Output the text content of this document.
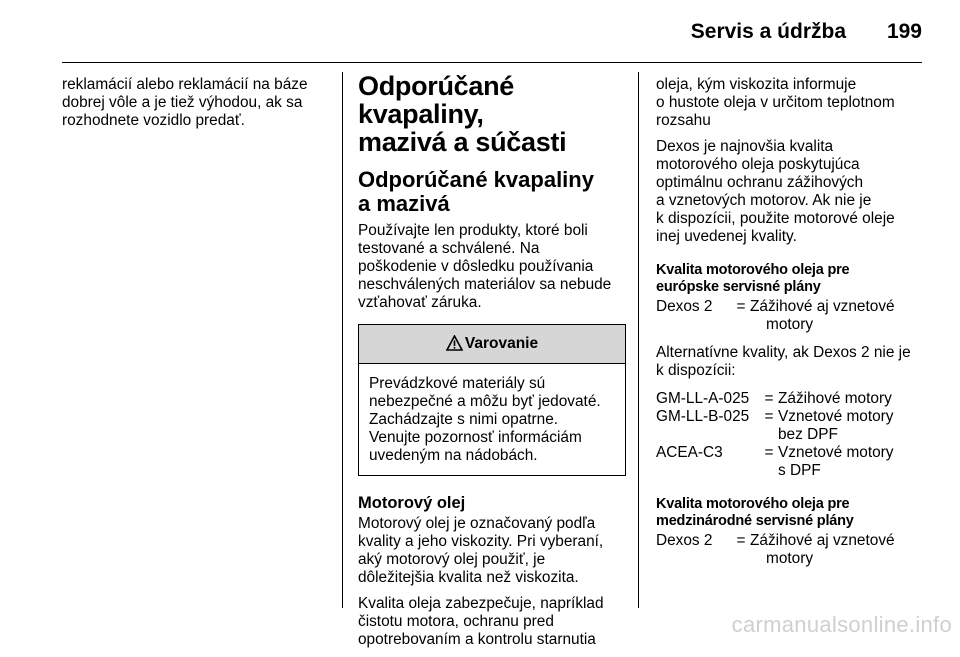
Servis a údržba 199

reklamácií alebo reklamácií na báze
dobrej vôle a je tiež výhodou, ak sa
rozhodnete vozidlo predať.

Odporúčané kvapaliny,
mazivá a súčasti
Odporúčané kvapaliny
a mazivá

Používajte len produkty, ktoré boli
testované a schválené. Na
poškodenie v dôsledku používania
neschválených materiálov sa nebude
vzťahovať záruka.

Varovanie
Prevádzkové materiály sú
nebezpečné a môžu byť jedovaté.
Zachádzajte s nimi opatrne.
Venujte pozornosť informáciám
uvedeným na nádobách.
Motorový olej

Motorový olej je označovaný podľa
kvality a jeho viskozity. Pri vyberaní,
aký motorový olej použiť, je
dôležitejšia kvalita než viskozita.

Kvalita oleja zabezpečuje, napríklad
čistotu motora, ochranu pred
opotrebovaním a kontrolu starnutia

oleja, kým viskozita informuje
o hustote oleja v určitom teplotnom
rozsahu

Dexos je najnovšia kvalita
motorového oleja poskytujúca
optimálnu ochranu zážihových
a vznetových motorov. Ak nie je
k dispozícii, použite motorové oleje
inej uvedenej kvality.

Kvalita motorového oleja pre
európske servisné plány
Dexos 2	=	Zážihové aj vznetové
motory

Alternatívne kvality, ak Dexos 2 nie je
k dispozícii:

GM-LL-A-025	=	Zážihové motory
GM-LL-B-025	=	Vznetové motory
bez DPF
ACEA-C3	=	Vznetové motory
s DPF
Kvalita motorového oleja pre
medzinárodné servisné plány
Dexos 2	=	Zážihové aj vznetové
motory
carmanualsonline.info
